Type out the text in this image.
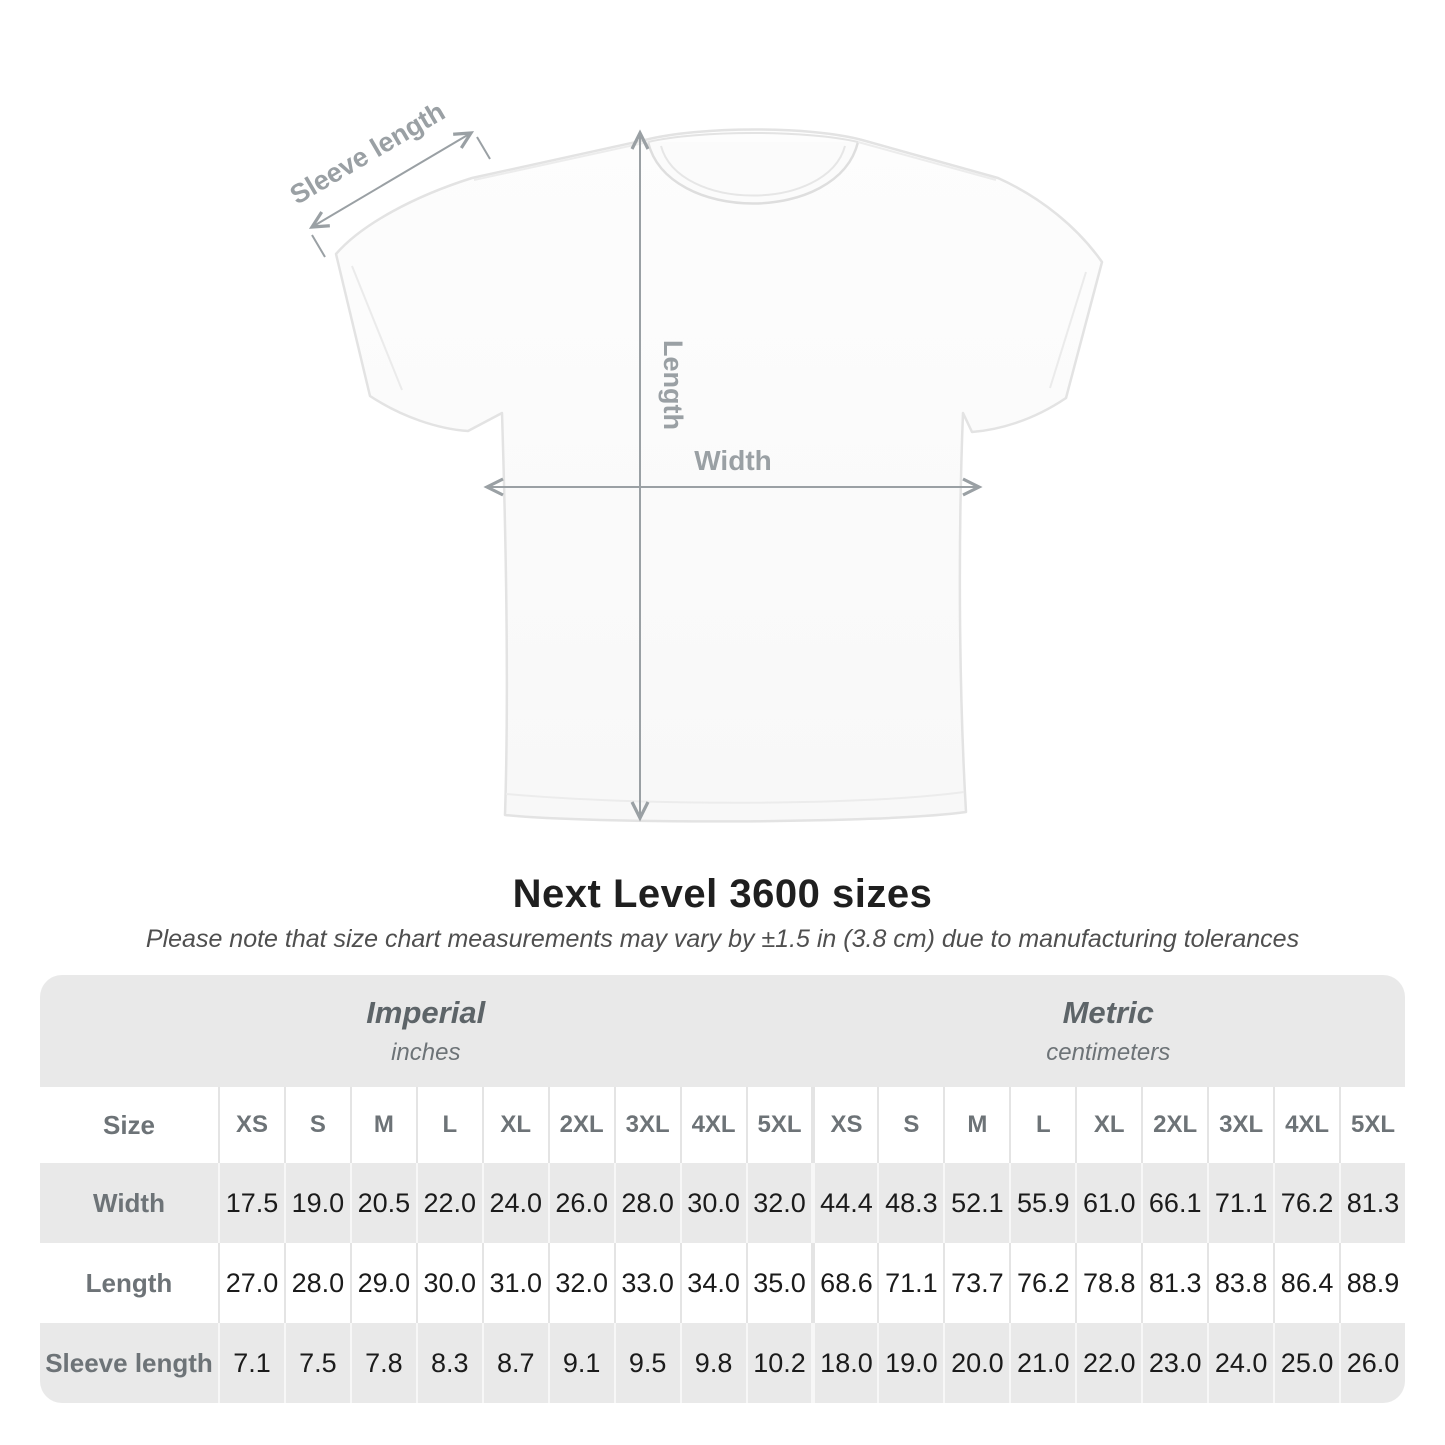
Sleeve length
Length
Width
Next Level 3600 sizes
Please note that size chart measurements may vary by ±1.5 in (3.8 cm) due to manufacturing tolerances
Imperial
inches
Metric
centimeters
Size	XS	S	M	L	XL	2XL 3XL 4XL 5XL	XS	S	M	L	XL	2XL 3XL 4XL 5XL
Width	17.5 19.0 20.5 22.0 24.0 26.0 28.0 30.0 32.0 44.4 48.3 52.1 55.9 61.0 66.1 71.1 76.2 81.3
Length	27.0 28.0 29.0 30.0 31.0 32.0 33.0 34.0 35.0 68.6 71.1 73.7 76.2 78.8 81.3 83.8 86.4 88.9
Sleeve length 7.1	7.5	7.8	8.3	8.7	9.1	9.5	9.8 10.2 18.0 19.0 20.0 21.0 22.0 23.0 24.0 25.0 26.0
